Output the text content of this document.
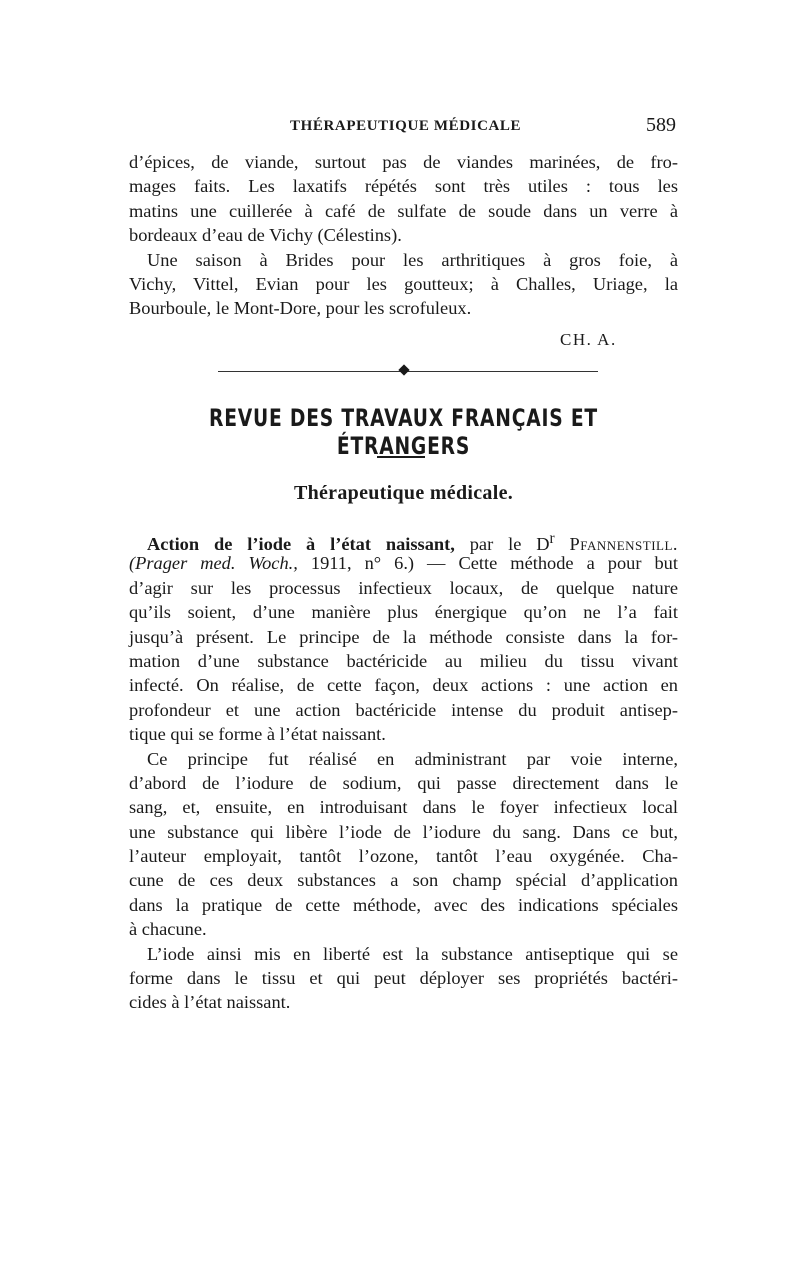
THÉRAPEUTIQUE MÉDICALE	589
d’épices, de viande, surtout pas de viandes marinées, de fro-
mages faits. Les laxatifs répétés sont très utiles : tous les
matins une cuillerée à café de sulfate de soude dans un verre à
bordeaux d’eau de Vichy (Célestins).
Une saison à Brides pour les arthritiques à gros foie, à
Vichy, Vittel, Evian pour les goutteux; à Challes, Uriage, la
Bourboule, le Mont-Dore, pour les scrofuleux.
CH. A.
REVUE DES TRAVAUX FRANÇAIS ET ÉTRANGERS
Thérapeutique médicale.
Action de l’iode à l’état naissant, par le $D^r$ Pfannenstill.
(Prager med. Woch., 1911, n° 6.) — Cette méthode a pour but
d’agir sur les processus infectieux locaux, de quelque nature
qu’ils soient, d’une manière plus énergique qu’on ne l’a fait
jusqu’à présent. Le principe de la méthode consiste dans la for-
mation d’une substance bactéricide au milieu du tissu vivant
infecté. On réalise, de cette façon, deux actions : une action en
profondeur et une action bactéricide intense du produit antisep-
tique qui se forme à l’état naissant.
Ce principe fut réalisé en administrant par voie interne,
d’abord de l’iodure de sodium, qui passe directement dans le
sang, et, ensuite, en introduisant dans le foyer infectieux local
une substance qui libère l’iode de l’iodure du sang. Dans ce but,
l’auteur employait, tantôt l’ozone, tantôt l’eau oxygénée. Cha-
cune de ces deux substances a son champ spécial d’application
dans la pratique de cette méthode, avec des indications spéciales
à chacune.
L’iode ainsi mis en liberté est la substance antiseptique qui se
forme dans le tissu et qui peut déployer ses propriétés bactéri-
cides à l’état naissant.
